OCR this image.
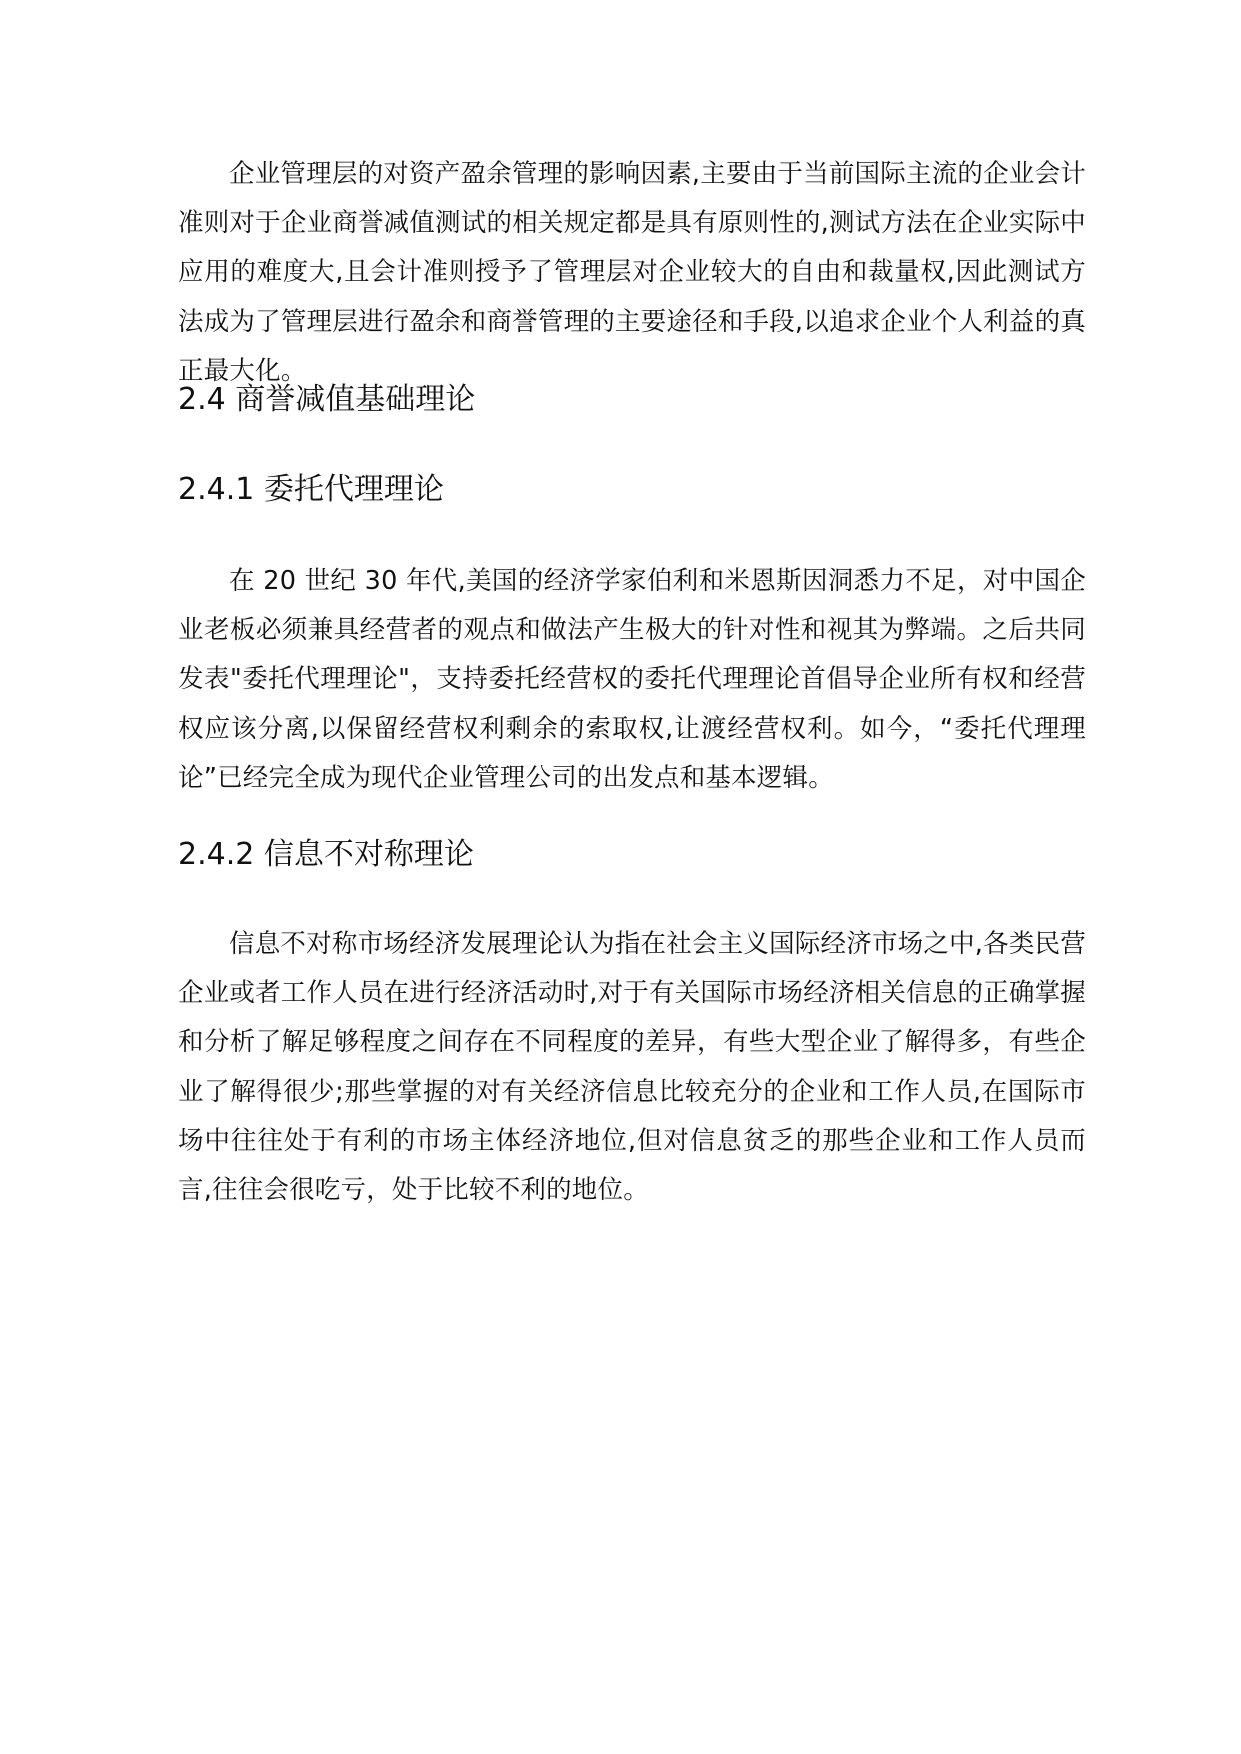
企业管理层的对资产盈余管理的影响因素,主要由于当前国际主流的企业会计准则对于企业商誉减值测试的相关规定都是具有原则性的,测试方法在企业实际中应用的难度大,且会计准则授予了管理层对企业较大的自由和裁量权,因此测试方法成为了管理层进行盈余和商誉管理的主要途径和手段,以追求企业个人利益的真正最大化。

2.4 商誉减值基础理论
2.4.1 委托代理理论

在 20 世纪 30 年代,美国的经济学家伯利和米恩斯因洞悉力不足，对中国企业老板必须兼具经营者的观点和做法产生极大的针对性和视其为弊端。之后共同发表"委托代理理论"，支持委托经营权的委托代理理论首倡导企业所有权和经营权应该分离,以保留经营权利剩余的索取权,让渡经营权利。如今，“委托代理理论”已经完全成为现代企业管理公司的出发点和基本逻辑。

2.4.2 信息不对称理论

信息不对称市场经济发展理论认为指在社会主义国际经济市场之中,各类民营企业或者工作人员在进行经济活动时,对于有关国际市场经济相关信息的正确掌握和分析了解足够程度之间存在不同程度的差异，有些大型企业了解得多，有些企业了解得很少;那些掌握的对有关经济信息比较充分的企业和工作人员,在国际市场中往往处于有利的市场主体经济地位,但对信息贫乏的那些企业和工作人员而言,往往会很吃亏，处于比较不利的地位。
